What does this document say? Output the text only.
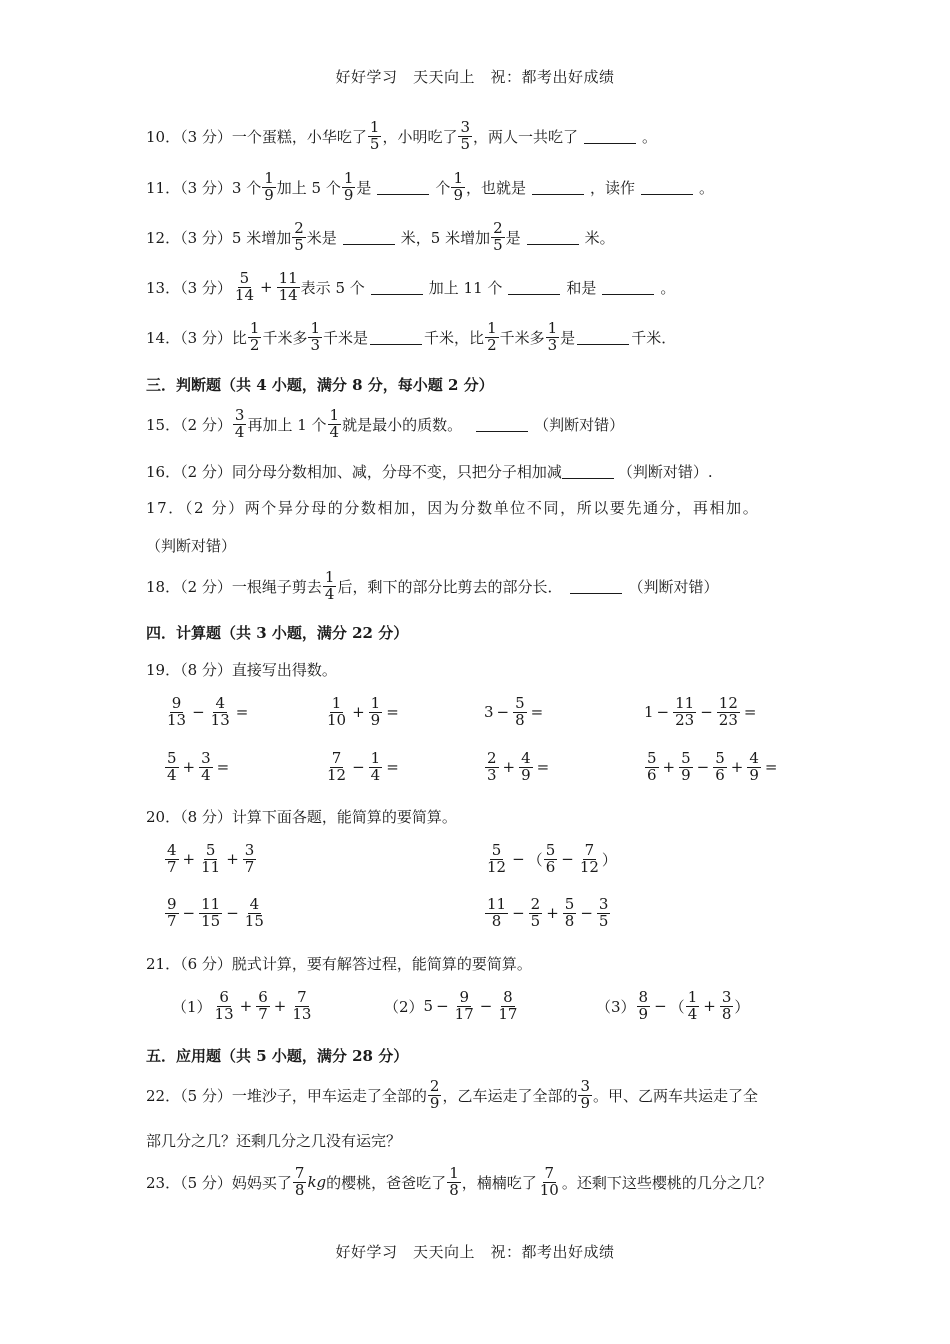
好好学习　天天向上　祝：都考出好成绩
10．（3 分） 一个蛋糕，小华吃了 $\frac{1}{5}$ ，小明吃了 $\frac{3}{5}$ ，两人一共吃了	。
11．（3 分） 3 个 $\frac{1}{9}$ 加上 5 个 $\frac{1}{9}$ 是	个 $\frac{1}{9}$ ，也就是	，读作	。
12．（3 分） 5 米增加 $\frac{2}{5}$ 米是	米，5 米增加 $\frac{2}{5}$ 是	米。
13．（3 分） $\frac{5}{14} + \frac{11}{14}$ 表示 5 个	加上 11 个	和是	。
14．（3 分） 比 $\frac{1}{2}$ 千米多 $\frac{1}{3}$ 千米是	千米，比 $\frac{1}{2}$ 千米多 $\frac{1}{3}$ 是	千米．
三．判断题（共 4 小题，满分 8 分，每小题 2 分）
15．（2 分） $\frac{3}{4}$ 再加上 1 个 $\frac{1}{4}$ 就是最小的质数。	（判断对错）
16．（2 分） 同分母分数相加、减，分母不变，只把分子相加减	（判断对错）.
17．（2 分） 两个异分母的分数相加，因为分数单位不同，所以要先通分，再相加。
（判断对错）
18．（2 分） 一根绳子剪去 $\frac{1}{4}$ 后，剩下的部分比剪去的部分长．	（判断对错）
四．计算题（共 3 小题，满分 22 分）
19．（8 分） 直接写出得数。
$\frac{9}{13} - \frac{4}{13}$ =	$\frac{1}{10} + \frac{1}{9}$ =	$3 - \frac{5}{8}$ =	$1 - \frac{11}{23} - \frac{12}{23}$ =
$\frac{5}{4} + \frac{3}{4}$ =	$\frac{7}{12} - \frac{1}{4}$ =	$\frac{2}{3} + \frac{4}{9}$ =	$\frac{5}{6} + \frac{5}{9} - \frac{5}{6} + \frac{4}{9}$ =
20．（8 分） 计算下面各题，能简算的要简算。
$\frac{4}{7} + \frac{5}{11} + \frac{3}{7}$	$\frac{5}{12}$ − （ $\frac{5}{6} - \frac{7}{12}$ ）
$\frac{9}{7} - \frac{11}{15} - \frac{4}{15}$	$\frac{11}{8} - \frac{2}{5} + \frac{5}{8} - \frac{3}{5}$
21．（6 分） 脱式计算，要有解答过程，能简算的要简算。
$(1) \frac{6}{13} + \frac{6}{7} + \frac{7}{13}$	（2） $5 - \frac{9}{17} - \frac{8}{17}$	$(3) \frac{8}{9}$ − （ $\frac{1}{4} + \frac{3}{8}$ ）
五．应用题（共 5 小题，满分 28 分）
22．（5 分） 一堆沙子，甲车运走了全部的 $\frac{2}{9}$ ，乙车运走了全部的 $\frac{3}{9}$ 。甲、乙两车共运走了全
部几分之几？还剩几分之几没有运完？
23．（5 分） 妈妈买了 $\frac{7}{8}$ kg 的樱桃，爸爸吃了 $\frac{1}{8}$ ，楠楠吃了 $\frac{7}{10}$ 。还剩下这些樱桃的几分之几？
好好学习　天天向上　祝：都考出好成绩
